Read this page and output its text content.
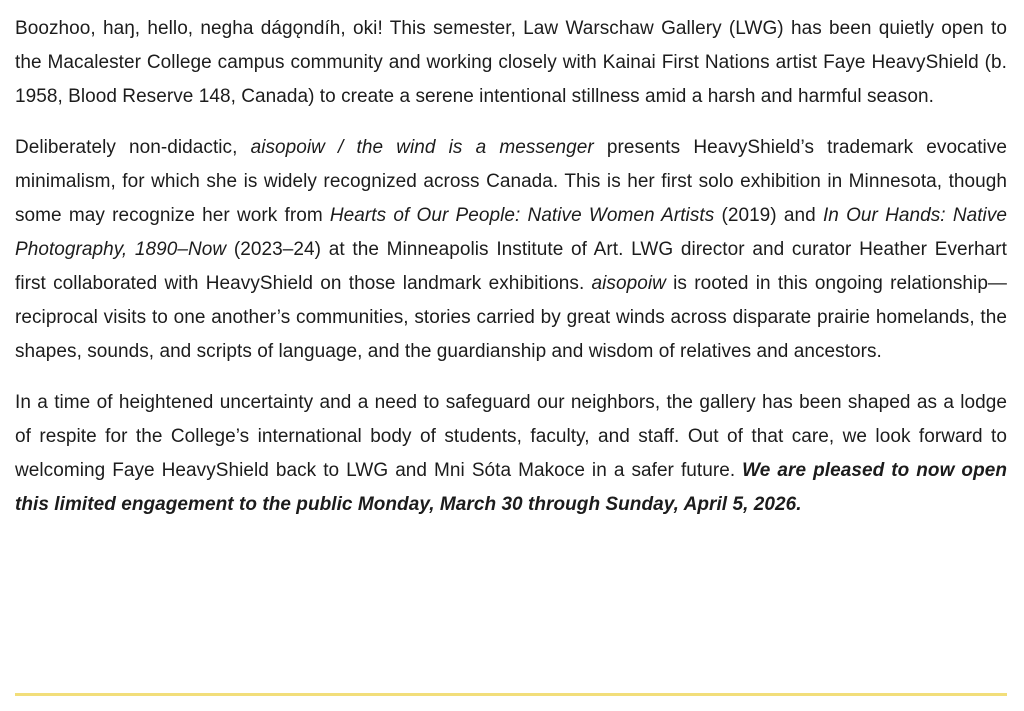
Boozhoo, haŋ, hello, negha dágǫndíh, oki! This semester, Law Warschaw Gallery (LWG) has been quietly open to the Macalester College campus community and working closely with Kainai First Nations artist Faye HeavyShield (b. 1958, Blood Reserve 148, Canada) to create a serene intentional stillness amid a harsh and harmful season.

Deliberately non-didactic, aisopoiw / the wind is a messenger presents HeavyShield’s trademark evocative minimalism, for which she is widely recognized across Canada. This is her first solo exhibition in Minnesota, though some may recognize her work from Hearts of Our People: Native Women Artists (2019) and In Our Hands: Native Photography, 1890–Now (2023–24) at the Minneapolis Institute of Art. LWG director and curator Heather Everhart first collaborated with HeavyShield on those landmark exhibitions. aisopoiw is rooted in this ongoing relationship—reciprocal visits to one another’s communities, stories carried by great winds across disparate prairie homelands, the shapes, sounds, and scripts of language, and the guardianship and wisdom of relatives and ancestors.

In a time of heightened uncertainty and a need to safeguard our neighbors, the gallery has been shaped as a lodge of respite for the College’s international body of students, faculty, and staff. Out of that care, we look forward to welcoming Faye HeavyShield back to LWG and Mni Sóta Makoce in a safer future. We are pleased to now open this limited engagement to the public Monday, March 30 through Sunday, April 5, 2026.
